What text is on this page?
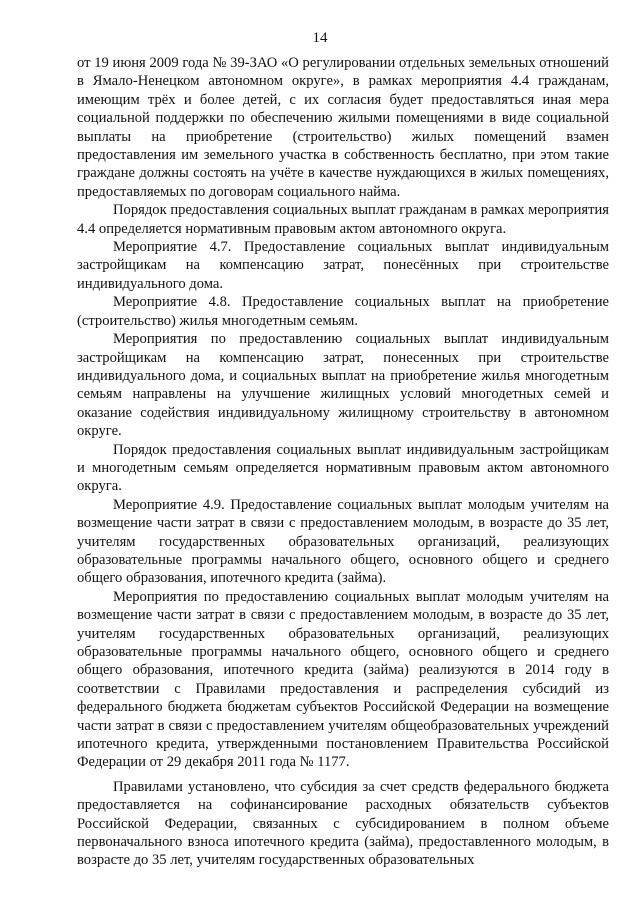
14

от 19 июня 2009 года № 39-ЗАО «О регулировании отдельных земельных отношений в Ямало-Ненецком автономном округе», в рамках мероприятия 4.4 гражданам, имеющим трёх и более детей, с их согласия будет предоставляться иная мера социальной поддержки по обеспечению жилыми помещениями в виде социальной выплаты на приобретение (строительство) жилых помещений взамен предоставления им земельного участка в собственность бесплатно, при этом такие граждане должны состоять на учёте в качестве нуждающихся в жилых помещениях, предоставляемых по договорам социального найма.

Порядок предоставления социальных выплат гражданам в рамках мероприятия 4.4 определяется нормативным правовым актом автономного округа.

Мероприятие 4.7. Предоставление социальных выплат индивидуальным застройщикам на компенсацию затрат, понесённых при строительстве индивидуального дома.

Мероприятие 4.8. Предоставление социальных выплат на приобретение (строительство) жилья многодетным семьям.

Мероприятия по предоставлению социальных выплат индивидуальным застройщикам на компенсацию затрат, понесенных при строительстве индивидуального дома, и социальных выплат на приобретение жилья многодетным семьям направлены на улучшение жилищных условий многодетных семей и оказание содействия индивидуальному жилищному строительству в автономном округе.

Порядок предоставления социальных выплат индивидуальным застройщикам и многодетным семьям определяется нормативным правовым актом автономного округа.

Мероприятие 4.9. Предоставление социальных выплат молодым учителям на возмещение части затрат в связи с предоставлением молодым, в возрасте до 35 лет, учителям государственных образовательных организаций, реализующих образовательные программы начального общего, основного общего и среднего общего образования, ипотечного кредита (займа).

Мероприятия по предоставлению социальных выплат молодым учителям на возмещение части затрат в связи с предоставлением молодым, в возрасте до 35 лет, учителям государственных образовательных организаций, реализующих образовательные программы начального общего, основного общего и среднего общего образования, ипотечного кредита (займа) реализуются в 2014 году в соответствии с Правилами предоставления и распределения субсидий из федерального бюджета бюджетам субъектов Российской Федерации на возмещение части затрат в связи с предоставлением учителям общеобразовательных учреждений ипотечного кредита, утвержденными постановлением Правительства Российской Федерации от 29 декабря 2011 года № 1177.

Правилами установлено, что субсидия за счет средств федерального бюджета предоставляется на софинансирование расходных обязательств субъектов Российской Федерации, связанных с субсидированием в полном объеме первоначального взноса ипотечного кредита (займа), предоставленного молодым, в возрасте до 35 лет, учителям государственных образовательных
